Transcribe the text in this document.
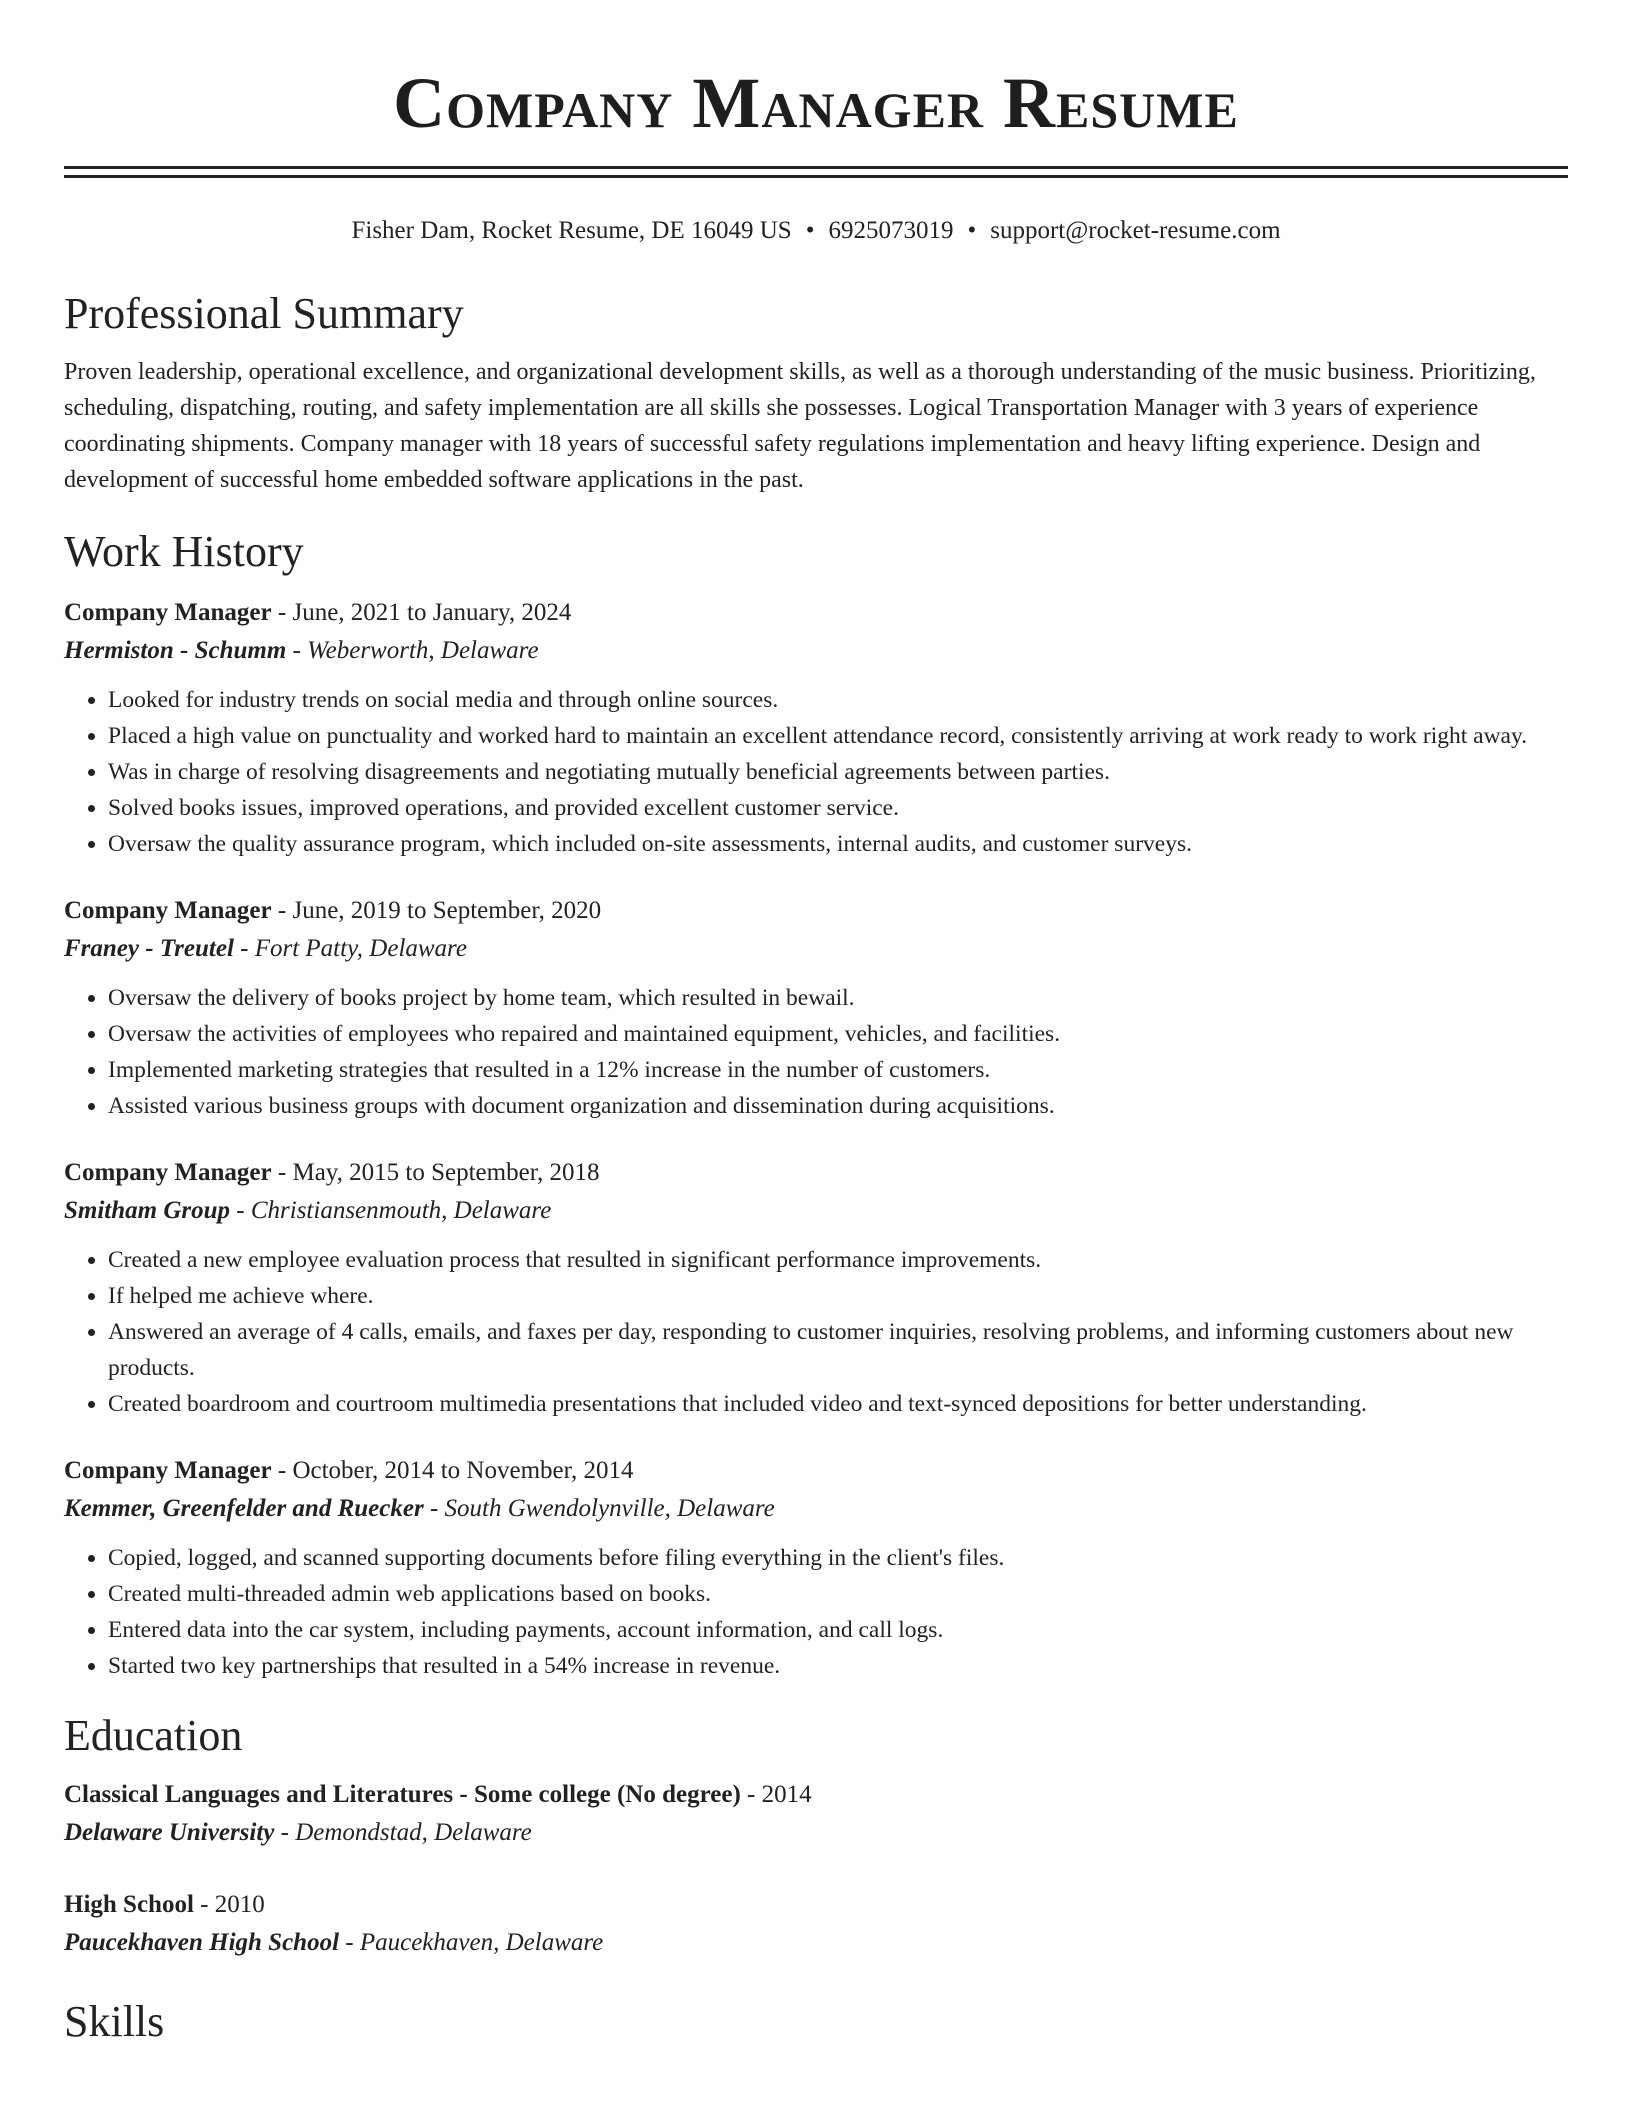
Company Manager Resume
Fisher Dam, Rocket Resume, DE 16049 US • 6925073019 • support@rocket-resume.com
Professional Summary

Proven leadership, operational excellence, and organizational development skills, as well as a thorough understanding of the music business. Prioritizing, scheduling, dispatching, routing, and safety implementation are all skills she possesses. Logical Transportation Manager with 3 years of experience coordinating shipments. Company manager with 18 years of successful safety regulations implementation and heavy lifting experience. Design and development of successful home embedded software applications in the past.

Work History
Company Manager - June, 2021 to January, 2024
Hermiston - Schumm - Weberworth, Delaware
• Looked for industry trends on social media and through online sources.
• Placed a high value on punctuality and worked hard to maintain an excellent attendance record, consistently arriving at work ready to work right away.
• Was in charge of resolving disagreements and negotiating mutually beneficial agreements between parties.
• Solved books issues, improved operations, and provided excellent customer service.
• Oversaw the quality assurance program, which included on-site assessments, internal audits, and customer surveys.
Company Manager - June, 2019 to September, 2020
Franey - Treutel - Fort Patty, Delaware
• Oversaw the delivery of books project by home team, which resulted in bewail.
• Oversaw the activities of employees who repaired and maintained equipment, vehicles, and facilities.
• Implemented marketing strategies that resulted in a 12% increase in the number of customers.
• Assisted various business groups with document organization and dissemination during acquisitions.
Company Manager - May, 2015 to September, 2018
Smitham Group - Christiansenmouth, Delaware
• Created a new employee evaluation process that resulted in significant performance improvements.
• If helped me achieve where.
• Answered an average of 4 calls, emails, and faxes per day, responding to customer inquiries, resolving problems, and informing customers about new products.
• Created boardroom and courtroom multimedia presentations that included video and text-synced depositions for better understanding.
Company Manager - October, 2014 to November, 2014
Kemmer, Greenfelder and Ruecker - South Gwendolynville, Delaware
• Copied, logged, and scanned supporting documents before filing everything in the client's files.
• Created multi-threaded admin web applications based on books.
• Entered data into the car system, including payments, account information, and call logs.
• Started two key partnerships that resulted in a 54% increase in revenue.
Education
Classical Languages and Literatures - Some college (No degree) - 2014
Delaware University - Demondstad, Delaware
High School - 2010
Paucekhaven High School - Paucekhaven, Delaware
Skills
